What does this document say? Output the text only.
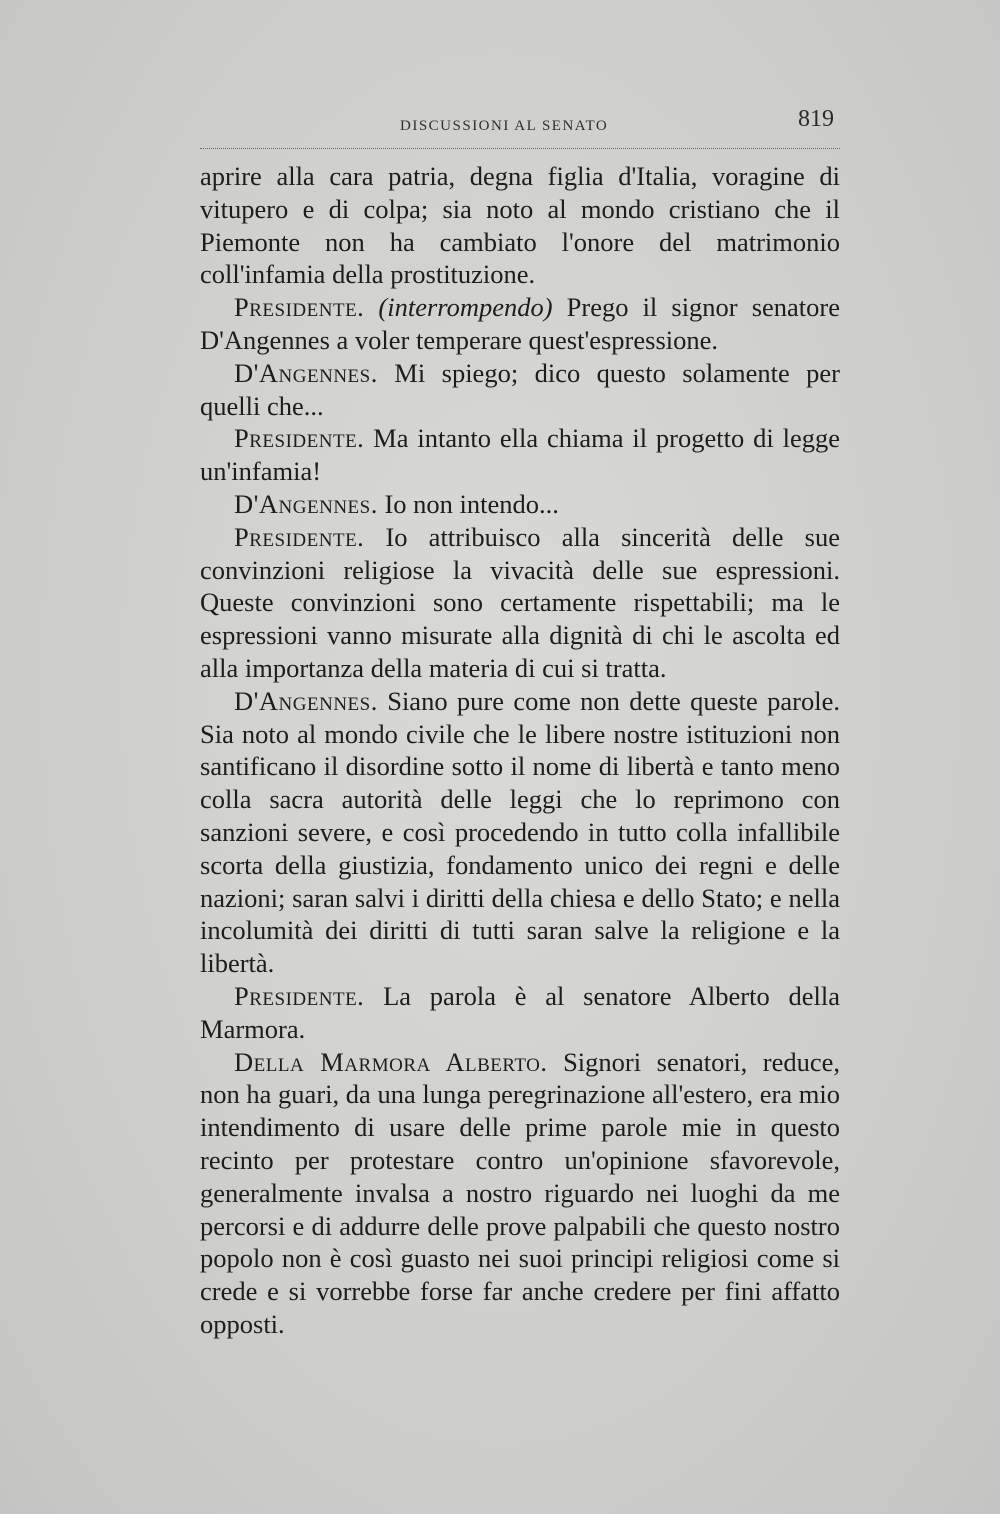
DISCUSSIONI AL SENATO	819

aprire alla cara patria, degna figlia d'Italia, voragine di vitupero e di colpa; sia noto al mondo cristiano che il Piemonte non ha cambiato l'onore del matrimonio coll'infamia della prostituzione.

Presidente. (interrompendo) Prego il signor senatore D'Angennes a voler temperare quest'espressione.

D'Angennes. Mi spiego; dico questo solamente per quelli che...

Presidente. Ma intanto ella chiama il progetto di legge un'infamia!

D'Angennes. Io non intendo...

Presidente. Io attribuisco alla sincerità delle sue convinzioni religiose la vivacità delle sue espressioni. Queste convinzioni sono certamente rispettabili; ma le espressioni vanno misurate alla dignità di chi le ascolta ed alla importanza della materia di cui si tratta.

D'Angennes. Siano pure come non dette queste parole. Sia noto al mondo civile che le libere nostre istituzioni non santificano il disordine sotto il nome di libertà e tanto meno colla sacra autorità delle leggi che lo reprimono con sanzioni severe, e così procedendo in tutto colla infallibile scorta della giustizia, fondamento unico dei regni e delle nazioni; saran salvi i diritti della chiesa e dello Stato; e nella incolumità dei diritti di tutti saran salve la religione e la libertà.

Presidente. La parola è al senatore Alberto della Marmora.

Della Marmora Alberto. Signori senatori, reduce, non ha guari, da una lunga peregrinazione all'estero, era mio intendimento di usare delle prime parole mie in questo recinto per protestare contro un'opinione sfavorevole, generalmente invalsa a nostro riguardo nei luoghi da me percorsi e di addurre delle prove palpabili che questo nostro popolo non è così guasto nei suoi principi religiosi come si crede e si vorrebbe forse far anche credere per fini affatto opposti.
